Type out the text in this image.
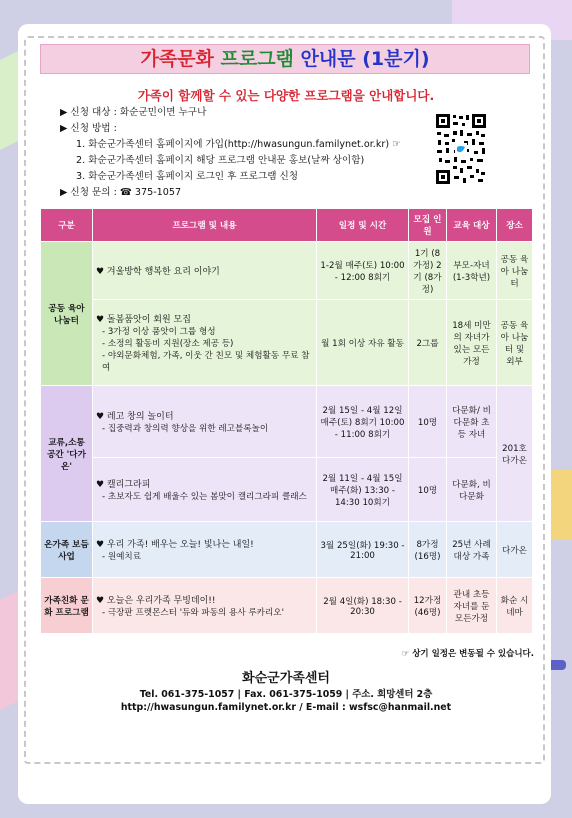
가족문화 프로그램 안내문 (1분기)
가족이 함께할 수 있는 다양한 프로그램을 안내합니다.
▶ 신청 대상 : 화순군민이면 누구나
▶ 신청 방법 :
1. 화순군가족센터 홈페이지에 가입(http://hwasungun.familynet.or.kr) ☞
2. 화순군가족센터 홈페이지 해당 프로그램 안내문 홍보(날짜 상이함)
3. 화순군가족센터 홈페이지 로그인 후 프로그램 신청
▶ 신청 문의 : ☎ 375-1057
구분	프로그램 및 내용	일정 및 시간	모집 인원	교육 대상	장소
공동 육아 나눔터	♥ 겨울방학 행복한 요리 이야기	1-2월 매주(토) 10:00 - 12:00 8회기	1기 (8가정) 2기 (8가정)	부모-자녀 (1-3학년)	공동 육아 나눔터

	♥ 돌봄품앗이 회원 모집
- 3가정 이상 품앗이 그룹 형성
- 소정의 활동비 지원(장소 제공 등)
- 야외문화체험, 가족, 이웃 간 친모 및 체험활동 무료 참여	월 1회 이상 자유 활동	2그룹	18세 미만의 자녀가 있는 모든 가정	공동 육아 나눔터 및 외부
교류,소통 공간 '다가온'	♥ 레고 창의 놀이터
- 집중력과 창의력 향상을 위한 레고블록놀이	2월 15일 - 4월 12일 매주(토) 8회기 10:00 - 11:00 8회기	10명	다문화/ 비다문화 초등 자녀	201호 다가온

	♥ 캘리그라피
- 초보자도 쉽게 배울수 있는 봄맞이 캘리그라피 클래스	2월 11일 - 4월 15일 매주(화) 13:30 - 14:30 10회기	10명	다문화, 비다문화	
온가족 보듬사업	♥ 우리 가족! 배우는 오늘! 빛나는 내일!
- 원예치료	3월 25일(화) 19:30 - 21:00	8가정 (16명)	25년 사례대상 가족	다가온
가족친화 문화 프로그램	♥ 오늘은 우리가족 무빙데이!!
- 극장판 프렛몬스터 '듀와 파동의 용사 루카리오'	2월 4일(화) 18:30 - 20:30	12가정 (46명)	관내 초등자녀를 둔 모든가정	화순 시네마
☞ 상기 일정은 변동될 수 있습니다.
화순군가족센터
Tel. 061-375-1057 | Fax. 061-375-1059 | 주소. 희망센터 2층
http://hwasungun.familynet.or.kr / E-mail : wsfsc@hanmail.net
